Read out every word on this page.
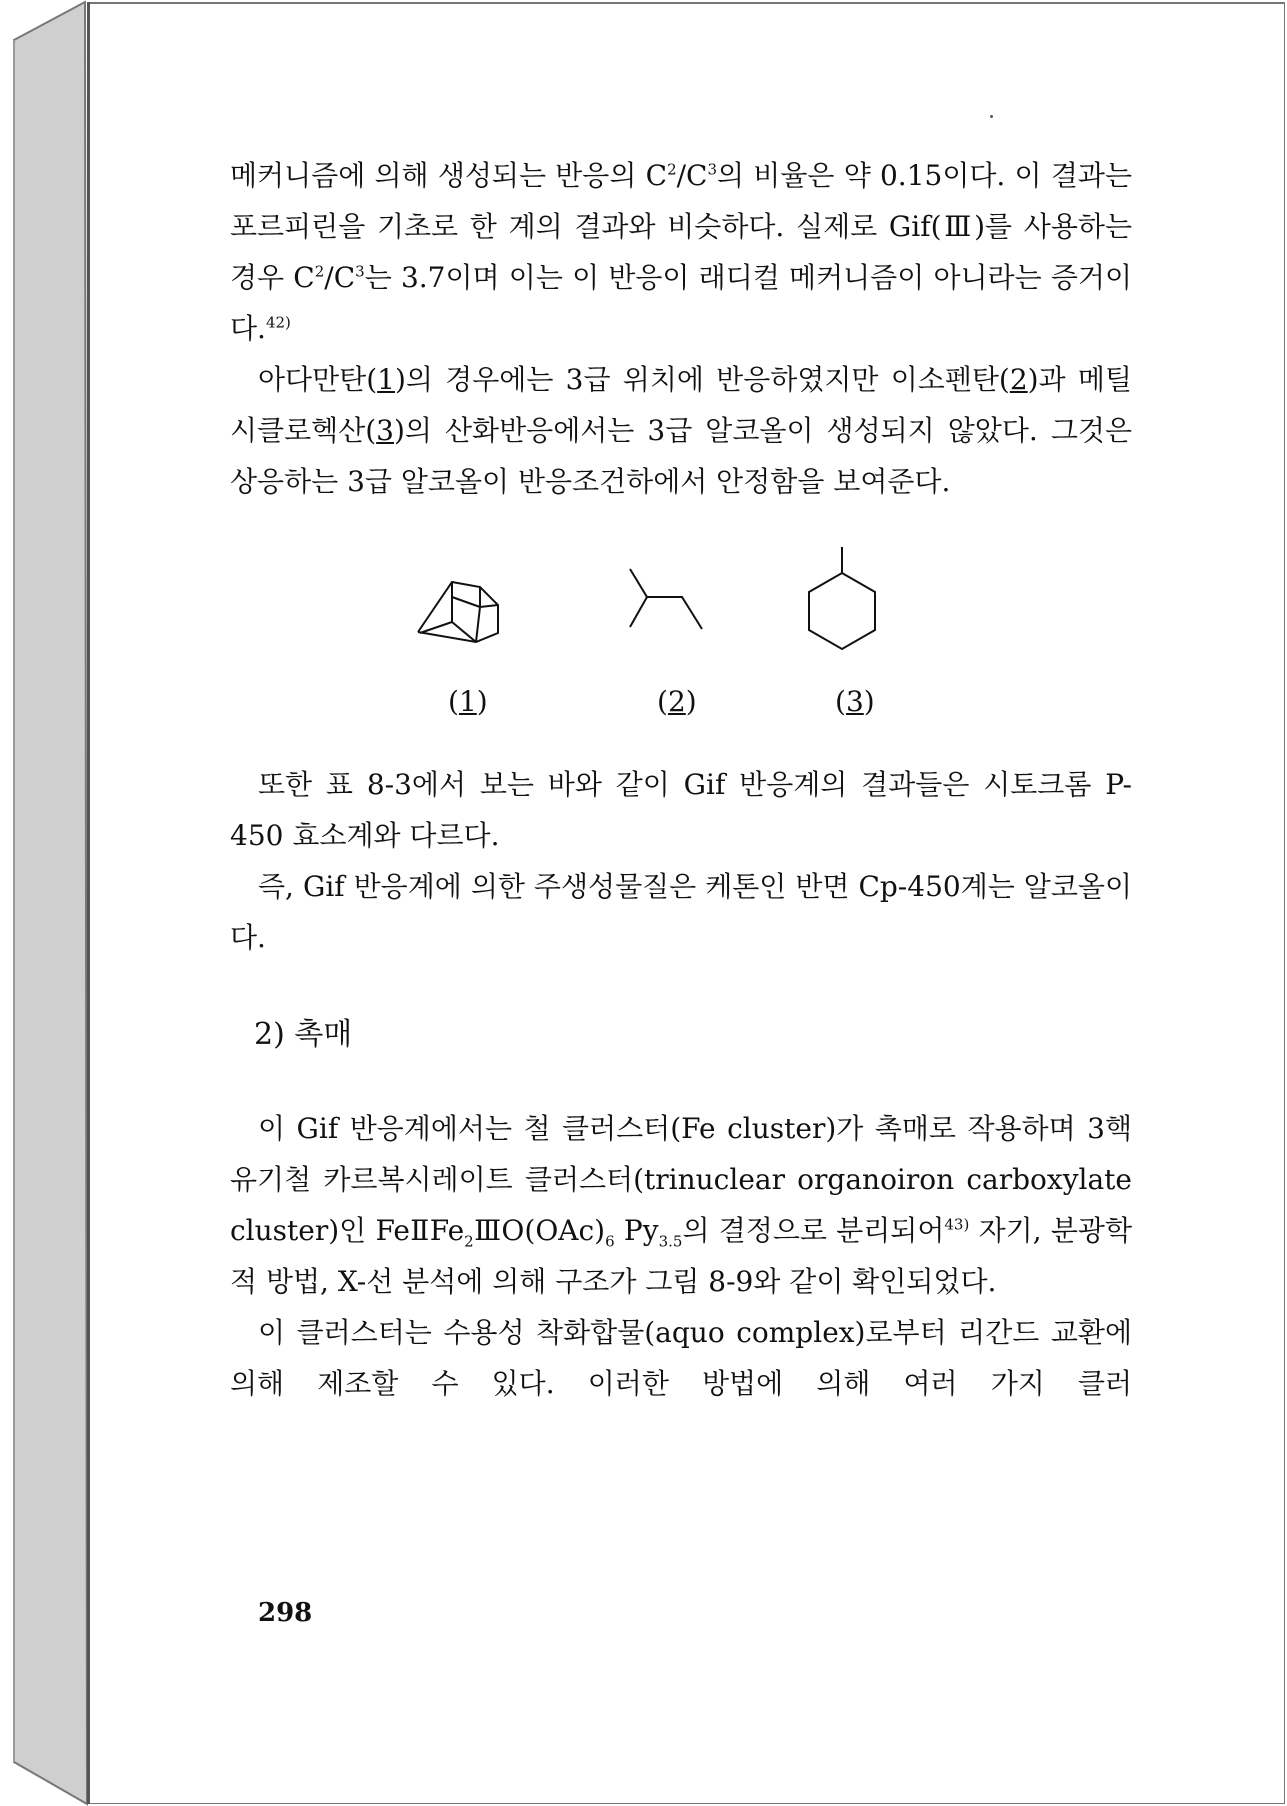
메커니즘에 의해 생성되는 반응의 $C^2/C^3$의 비율은 약 0.15이다. 이 결과는 포르피린을 기초로 한 계의 결과와 비슷하다. 실제로 Gif(Ⅲ)를 사용하는 경우 $C^2/C^3$는 3.7이며 이는 이 반응이 래디컬 메커니즘이 아니라는 증거이다.$^{42)}$

아다만탄(1)의 경우에는 3급 위치에 반응하였지만 이소펜탄(2)과 메틸시클로헥산(3)의 산화반응에서는 3급 알코올이 생성되지 않았다. 그것은 상응하는 3급 알코올이 반응조건하에서 안정함을 보여준다.

(1)	(2)	(3)

또한 표 8-3에서 보는 바와 같이 Gif 반응계의 결과들은 시토크롬 P-450 효소계와 다르다.

즉, Gif 반응계에 의한 주생성물질은 케톤인 반면 Cp-450계는 알코올이다.

2) 촉매

이 Gif 반응계에서는 철 클러스터(Fe cluster)가 촉매로 작용하며 3핵 유기철 카르복시레이트 클러스터(trinuclear organoiron carboxylate cluster)인 $FeⅡFe_2ⅢO(OAc)_6$ $Py_{3.5}$의 결정으로 분리되어$^{43)}$ 자기, 분광학적 방법, X-선 분석에 의해 구조가 그림 8-9와 같이 확인되었다.

이 클러스터는 수용성 착화합물(aquo complex)로부터 리간드 교환에 의해 제조할 수 있다. 이러한 방법에 의해 여러 가지 클러

298
